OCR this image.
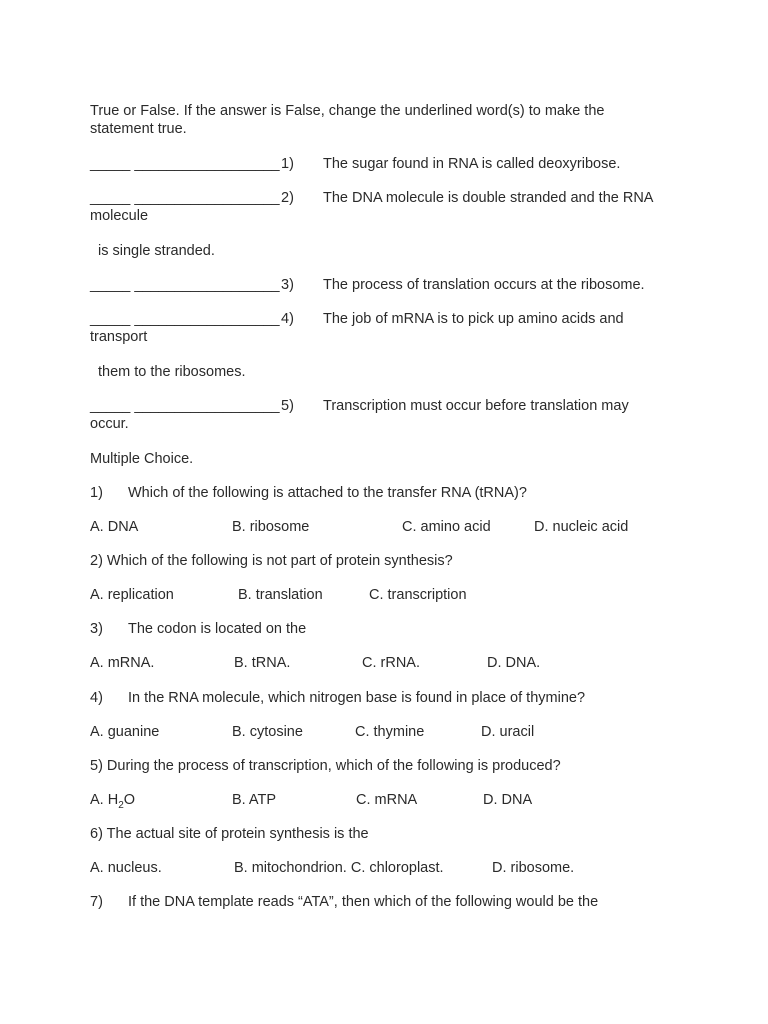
True or False. If the answer is False, change the underlined word(s) to make the
statement true.
_____ __________________ 1) The sugar found in RNA is called deoxyribose.
_____ __________________ 2) The DNA molecule is double stranded and the RNA
molecule
is single stranded.
_____ __________________ 3) The process of translation occurs at the ribosome.
_____ __________________ 4) The job of mRNA is to pick up amino acids and
transport
them to the ribosomes.
_____ __________________ 5) Transcription must occur before translation may
occur.
Multiple Choice.
1) Which of the following is attached to the transfer RNA (tRNA)?
A. DNA	B. ribosome	C. amino acid	D. nucleic acid
2) Which of the following is not part of protein synthesis?
A. replication	B. translation	C. transcription
3) The codon is located on the
A. mRNA.	B. tRNA.	C. rRNA.	D. DNA.
4) In the RNA molecule, which nitrogen base is found in place of thymine?
A. guanine	B. cytosine	C. thymine	D. uracil
5) During the process of transcription, which of the following is produced?
A. $H_2O$	B. ATP	C. mRNA	D. DNA
6) The actual site of protein synthesis is the
A. nucleus.	B. mitochondrion. C. chloroplast.	D. ribosome.
7) If the DNA template reads “ATA”, then which of the following would be the
